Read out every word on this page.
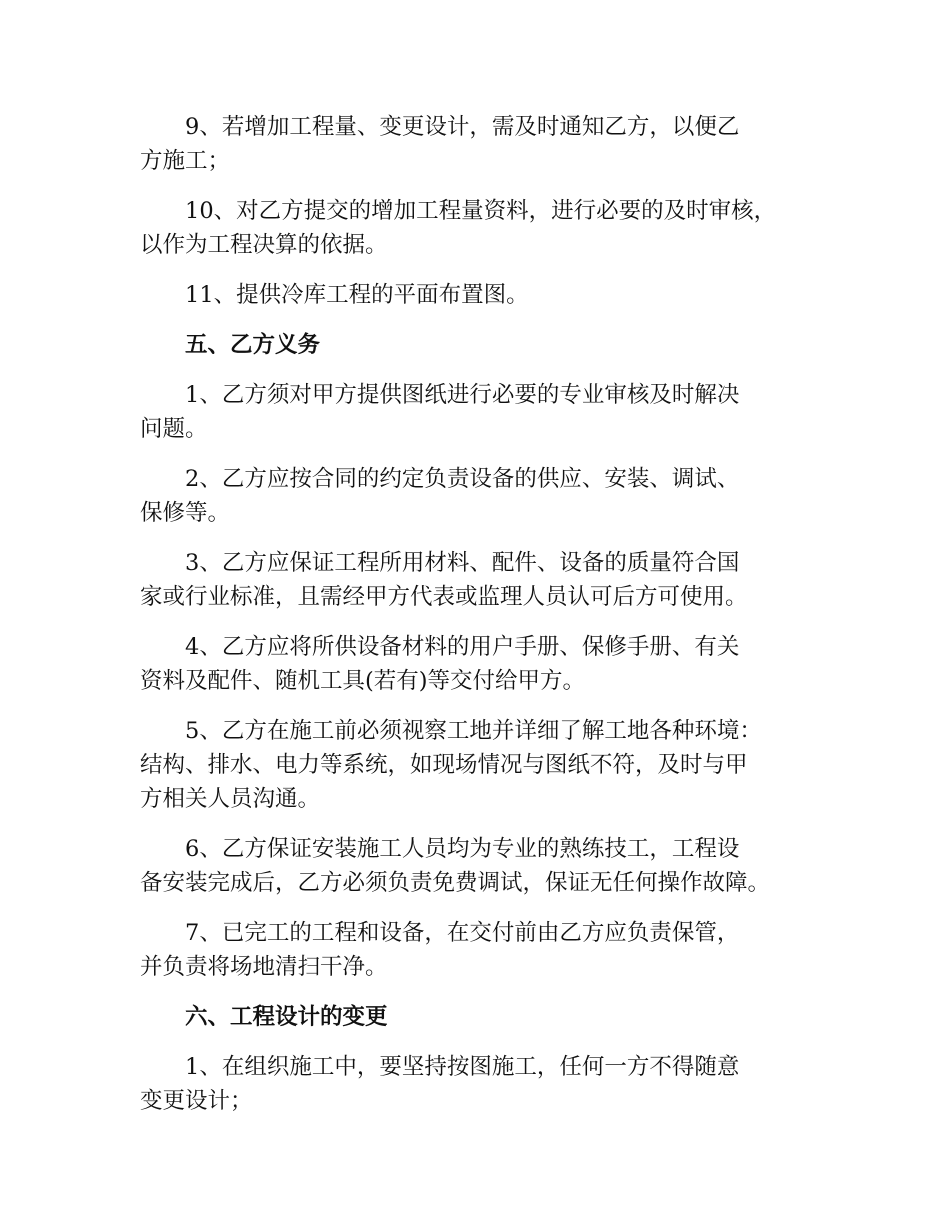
9、若增加工程量、变更设计，需及时通知乙方，以便乙
方施工；

10、对乙方提交的增加工程量资料，进行必要的及时审核，
以作为工程决算的依据。

11、提供冷库工程的平面布置图。

五、乙方义务

1、乙方须对甲方提供图纸进行必要的专业审核及时解决
问题。

2、乙方应按合同的约定负责设备的供应、安装、调试、
保修等。

3、乙方应保证工程所用材料、配件、设备的质量符合国
家或行业标准，且需经甲方代表或监理人员认可后方可使用。

4、乙方应将所供设备材料的用户手册、保修手册、有关
资料及配件、随机工具(若有)等交付给甲方。

5、乙方在施工前必须视察工地并详细了解工地各种环境：
结构、排水、电力等系统，如现场情况与图纸不符，及时与甲
方相关人员沟通。

6、乙方保证安装施工人员均为专业的熟练技工，工程设
备安装完成后，乙方必须负责免费调试，保证无任何操作故障。

7、已完工的工程和设备，在交付前由乙方应负责保管，
并负责将场地清扫干净。

六、工程设计的变更

1、在组织施工中，要坚持按图施工，任何一方不得随意
变更设计；
